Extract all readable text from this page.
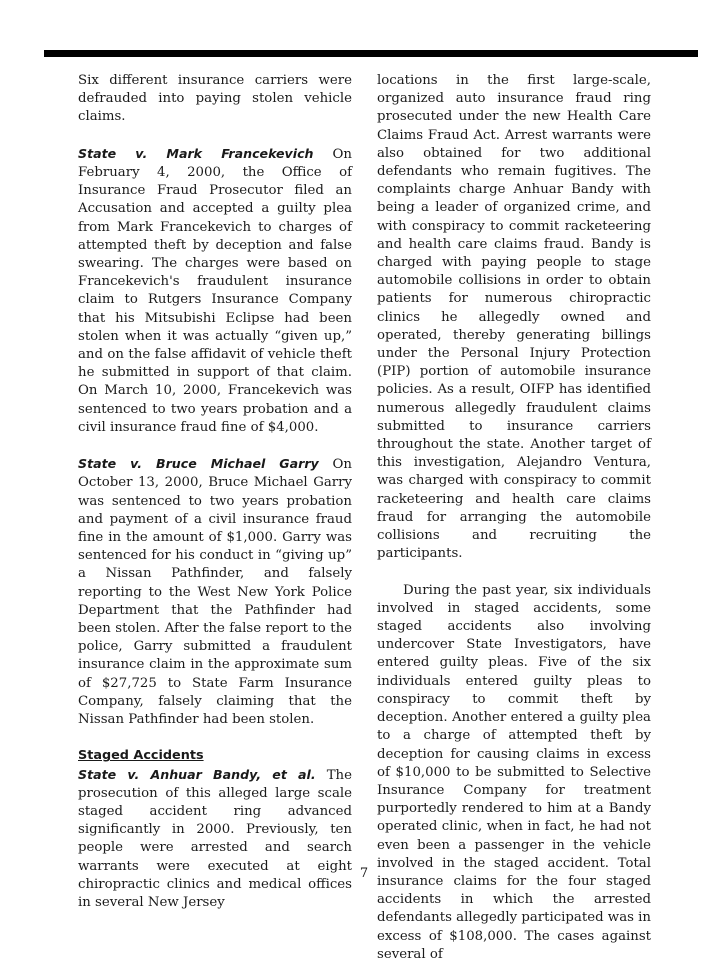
Six different insurance carriers were defrauded into paying stolen vehicle claims.

State v. Mark Francekevich On February 4, 2000, the Office of Insurance Fraud Prosecutor filed an Accusation and accepted a guilty plea from Mark Francekevich to charges of attempted theft by deception and false swearing. The charges were based on Francekevich's fraudulent insurance claim to Rutgers Insurance Company that his Mitsubishi Eclipse had been stolen when it was actually “given up,” and on the false affidavit of vehicle theft he submitted in support of that claim. On March 10, 2000, Francekevich was sentenced to two years probation and a civil insurance fraud fine of $4,000.

State v. Bruce Michael Garry On October 13, 2000, Bruce Michael Garry was sentenced to two years probation and payment of a civil insurance fraud fine in the amount of $1,000. Garry was sentenced for his conduct in “giving up” a Nissan Pathfinder, and falsely reporting to the West New York Police Department that the Pathfinder had been stolen. After the false report to the police, Garry submitted a fraudulent insurance claim in the approximate sum of $27,725 to State Farm Insurance Company, falsely claiming that the Nissan Pathfinder had been stolen.

Staged Accidents

State v. Anhuar Bandy, et al. The prosecution of this alleged large scale staged accident ring advanced significantly in 2000. Previously, ten people were arrested and search warrants were executed at eight chiropractic clinics and medical offices in several New Jersey

locations in the first large-scale, organized auto insurance fraud ring prosecuted under the new Health Care Claims Fraud Act. Arrest warrants were also obtained for two additional defendants who remain fugitives. The complaints charge Anhuar Bandy with being a leader of organized crime, and with conspiracy to commit racketeering and health care claims fraud. Bandy is charged with paying people to stage automobile collisions in order to obtain patients for numerous chiropractic clinics he allegedly owned and operated, thereby generating billings under the Personal Injury Protection (PIP) portion of automobile insurance policies. As a result, OIFP has identified numerous allegedly fraudulent claims submitted to insurance carriers throughout the state. Another target of this investigation, Alejandro Ventura, was charged with conspiracy to commit racketeering and health care claims fraud for arranging the automobile collisions and recruiting the participants.

During the past year, six individuals involved in staged accidents, some staged accidents also involving undercover State Investigators, have entered guilty pleas. Five of the six individuals entered guilty pleas to conspiracy to commit theft by deception. Another entered a guilty plea to a charge of attempted theft by deception for causing claims in excess of $10,000 to be submitted to Selective Insurance Company for treatment purportedly rendered to him at a Bandy operated clinic, when in fact, he had not even been a passenger in the vehicle involved in the staged accident. Total insurance claims for the four staged accidents in which the arrested defendants allegedly participated was in excess of $108,000. The cases against several of

7
